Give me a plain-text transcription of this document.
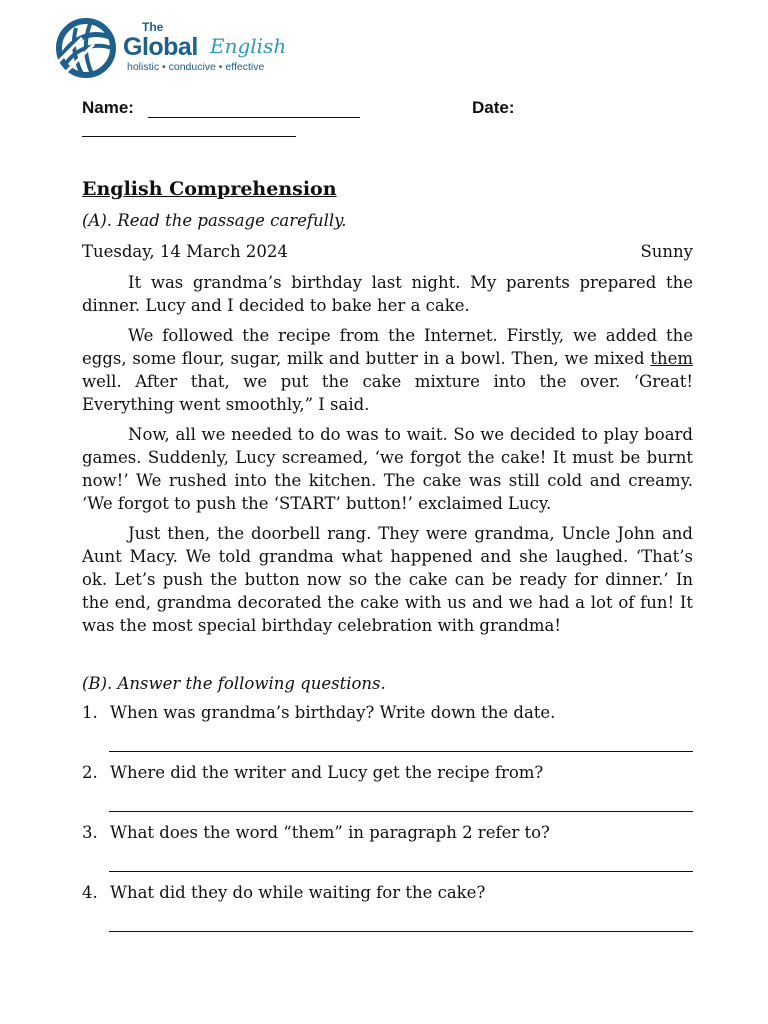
The
Global English
holistic • conducive • effective
Name:	Date:
English Comprehension
(A). Read the passage carefully.
Tuesday, 14 March 2024	Sunny

It was grandma’s birthday last night. My parents prepared the dinner. Lucy and I decided to bake her a cake.

We followed the recipe from the Internet. Firstly, we added the eggs, some flour, sugar, milk and butter in a bowl. Then, we mixed them well. After that, we put the cake mixture into the over. ‘Great! Everything went smoothly,” I said.

Now, all we needed to do was to wait. So we decided to play board games. Suddenly, Lucy screamed, ‘we forgot the cake! It must be burnt now!’ We rushed into the kitchen. The cake was still cold and creamy. ‘We forgot to push the ‘START’ button!’ exclaimed Lucy.

Just then, the doorbell rang. They were grandma, Uncle John and Aunt Macy. We told grandma what happened and she laughed. ‘That’s ok. Let’s push the button now so the cake can be ready for dinner.’ In the end, grandma decorated the cake with us and we had a lot of fun! It was the most special birthday celebration with grandma!

(B). Answer the following questions.
1. When was grandma’s birthday? Write down the date.
2. Where did the writer and Lucy get the recipe from?
3. What does the word “them” in paragraph 2 refer to?
4. What did they do while waiting for the cake?
